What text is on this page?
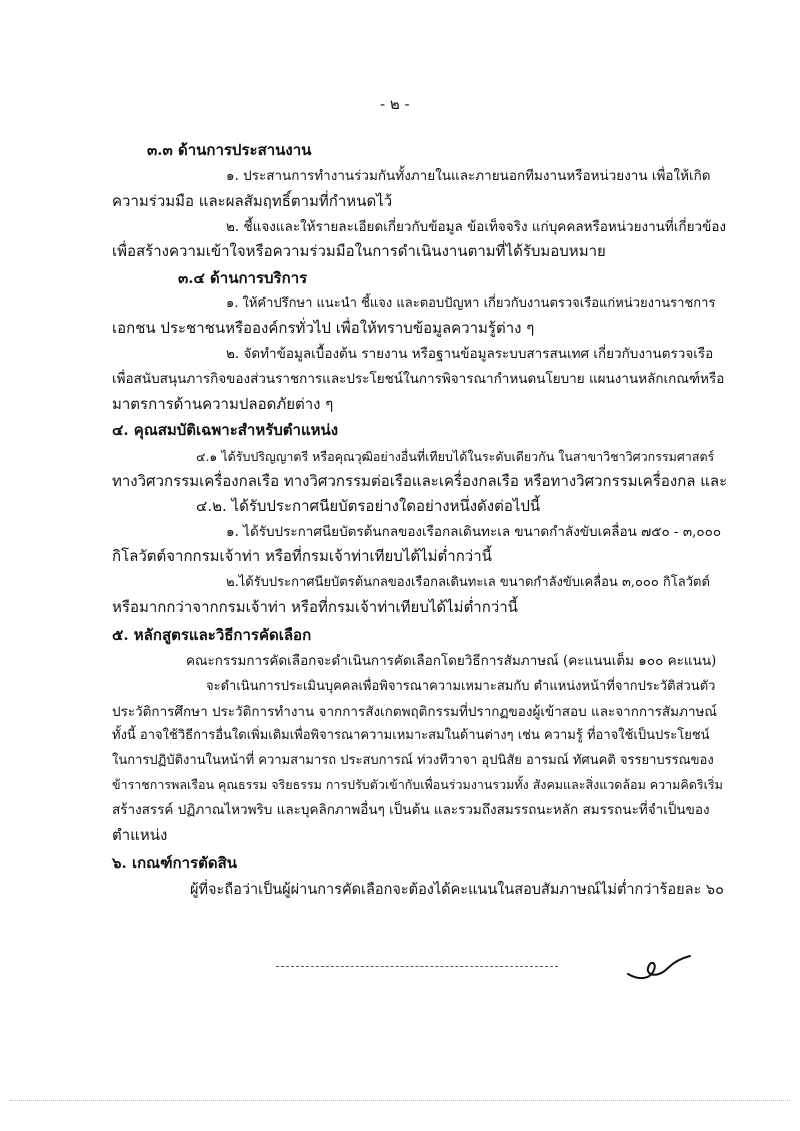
- ๒ -
๓.๓ ด้านการประสานงาน
๑. ประสานการทำงานร่วมกันทั้งภายในและภายนอกทีมงานหรือหน่วยงาน เพื่อให้เกิด
ความร่วมมือ และผลสัมฤทธิ์ตามที่กำหนดไว้
๒. ชี้แจงและให้รายละเอียดเกี่ยวกับข้อมูล ข้อเท็จจริง แก่บุคคลหรือหน่วยงานที่เกี่ยวข้อง
เพื่อสร้างความเข้าใจหรือความร่วมมือในการดำเนินงานตามที่ได้รับมอบหมาย
๓.๔ ด้านการบริการ
๑. ให้คำปรึกษา แนะนำ ชี้แจง และตอบปัญหา เกี่ยวกับงานตรวจเรือแก่หน่วยงานราชการ
เอกชน ประชาชนหรือองค์กรทั่วไป เพื่อให้ทราบข้อมูลความรู้ต่าง ๆ
๒. จัดทำข้อมูลเบื้องต้น รายงาน หรือฐานข้อมูลระบบสารสนเทศ เกี่ยวกับงานตรวจเรือ
เพื่อสนับสนุนภารกิจของส่วนราชการและประโยชน์ในการพิจารณากำหนดนโยบาย แผนงานหลักเกณฑ์หรือ
มาตรการด้านความปลอดภัยต่าง ๆ
๔. คุณสมบัติเฉพาะสำหรับตำแหน่ง
๔.๑ ได้รับปริญญาตรี หรือคุณวุฒิอย่างอื่นที่เทียบได้ในระดับเดียวกัน ในสาขาวิชาวิศวกรรมศาสตร์
ทางวิศวกรรมเครื่องกลเรือ ทางวิศวกรรมต่อเรือและเครื่องกลเรือ หรือทางวิศวกรรมเครื่องกล และ
๔.๒. ได้รับประกาศนียบัตรอย่างใดอย่างหนึ่งดังต่อไปนี้
๑. ได้รับประกาศนียบัตรต้นกลของเรือกลเดินทะเล ขนาดกำลังขับเคลื่อน ๗๕๐ - ๓,๐๐๐
กิโลวัตต์จากกรมเจ้าท่า หรือที่กรมเจ้าท่าเทียบได้ไม่ต่ำกว่านี้
๒.ได้รับประกาศนียบัตรต้นกลของเรือกลเดินทะเล ขนาดกำลังขับเคลื่อน ๓,๐๐๐ กิโลวัตต์
หรือมากกว่าจากกรมเจ้าท่า หรือที่กรมเจ้าท่าเทียบได้ไม่ต่ำกว่านี้
๕. หลักสูตรและวิธีการคัดเลือก
คณะกรรมการคัดเลือกจะดำเนินการคัดเลือกโดยวิธีการสัมภาษณ์ (คะแนนเต็ม ๑๐๐ คะแนน)
จะดำเนินการประเมินบุคคลเพื่อพิจารณาความเหมาะสมกับ ตำแหน่งหน้าที่จากประวัติส่วนตัว
ประวัติการศึกษา ประวัติการทำงาน จากการสังเกตพฤติกรรมที่ปรากฏของผู้เข้าสอบ และจากการสัมภาษณ์
ทั้งนี้ อาจใช้วิธีการอื่นใดเพิ่มเติมเพื่อพิจารณาความเหมาะสมในด้านต่างๆ เช่น ความรู้ ที่อาจใช้เป็นประโยชน์
ในการปฏิบัติงานในหน้าที่ ความสามารถ ประสบการณ์ ท่วงทีวาจา อุปนิสัย อารมณ์ ทัศนคติ จรรยาบรรณของ
ข้าราชการพลเรือน คุณธรรม จริยธรรม การปรับตัวเข้ากับเพื่อนร่วมงานรวมทั้ง สังคมและสิ่งแวดล้อม ความคิดริเริ่ม
สร้างสรรค์ ปฏิภาณไหวพริบ และบุคลิกภาพอื่นๆ เป็นต้น และรวมถึงสมรรถนะหลัก สมรรถนะที่จำเป็นของ
ตำแหน่ง
๖. เกณฑ์การตัดสิน
ผู้ที่จะถือว่าเป็นผู้ผ่านการคัดเลือกจะต้องได้คะแนนในสอบสัมภาษณ์ไม่ต่ำกว่าร้อยละ ๖๐
